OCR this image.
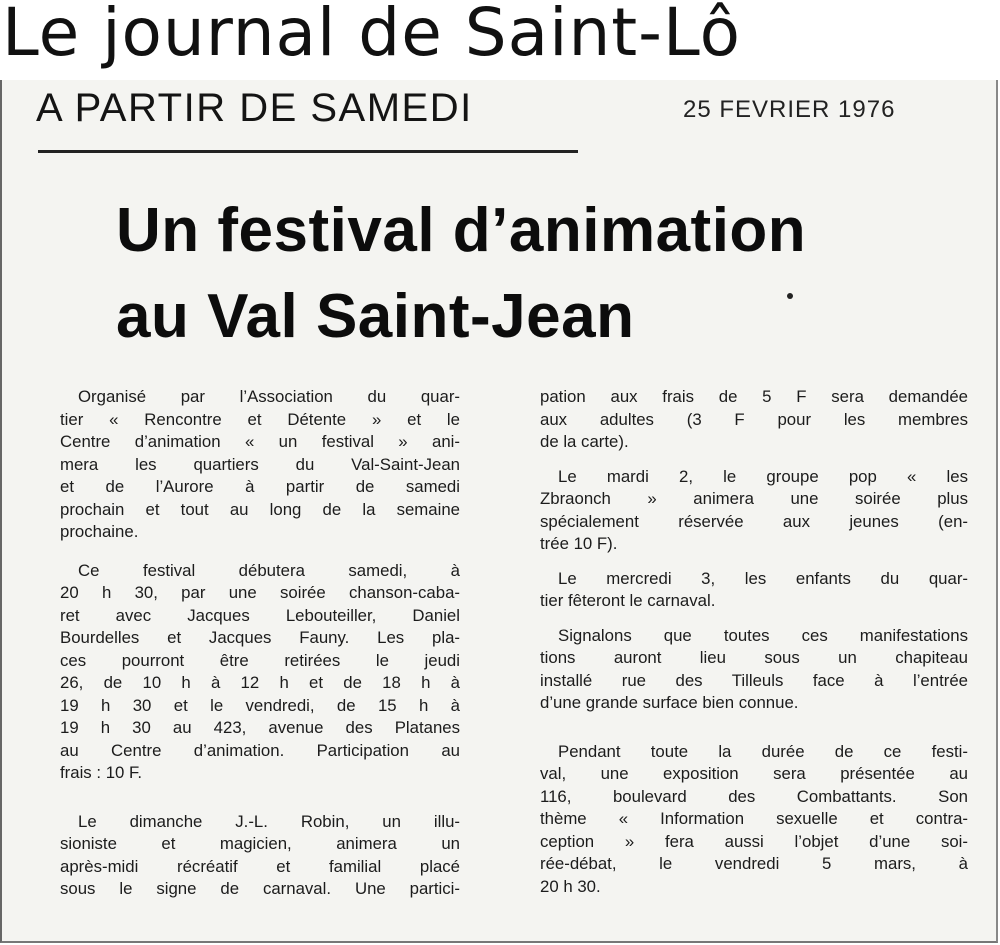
Le journal de Saint-Lô
A PARTIR DE SAMEDI	25 FEVRIER 1976
Un festival d’animation
au Val Saint-Jean

Organisé par l’Association du quar-
tier « Rencontre et Détente » et le
Centre d’animation « un festival » ani-
mera les quartiers du Val-Saint-Jean
et de l’Aurore à partir de samedi
prochain et tout au long de la semaine
prochaine.

Ce festival débutera samedi, à
20 h 30, par une soirée chanson-caba-
ret avec Jacques Lebouteiller, Daniel
Bourdelles et Jacques Fauny. Les pla-
ces pourront être retirées le jeudi
26, de 10 h à 12 h et de 18 h à
19 h 30 et le vendredi, de 15 h à
19 h 30 au 423, avenue des Platanes
au Centre d’animation. Participation au
frais : 10 F.

Le dimanche J.-L. Robin, un illu-
sioniste et magicien, animera un
après-midi récréatif et familial placé
sous le signe de carnaval. Une partici-

pation aux frais de 5 F sera demandée
aux adultes (3 F pour les membres
de la carte).

Le mardi 2, le groupe pop « les
Zbraonch » animera une soirée plus
spécialement réservée aux jeunes (en-
trée 10 F).

Le mercredi 3, les enfants du quar-
tier fêteront le carnaval.

Signalons que toutes ces manifestations
tions auront lieu sous un chapiteau
installé rue des Tilleuls face à l’entrée
d’une grande surface bien connue.

Pendant toute la durée de ce festi-
val, une exposition sera présentée au
116, boulevard des Combattants. Son
thème « Information sexuelle et contra-
ception » fera aussi l’objet d’une soi-
rée-débat, le vendredi 5 mars, à
20 h 30.
